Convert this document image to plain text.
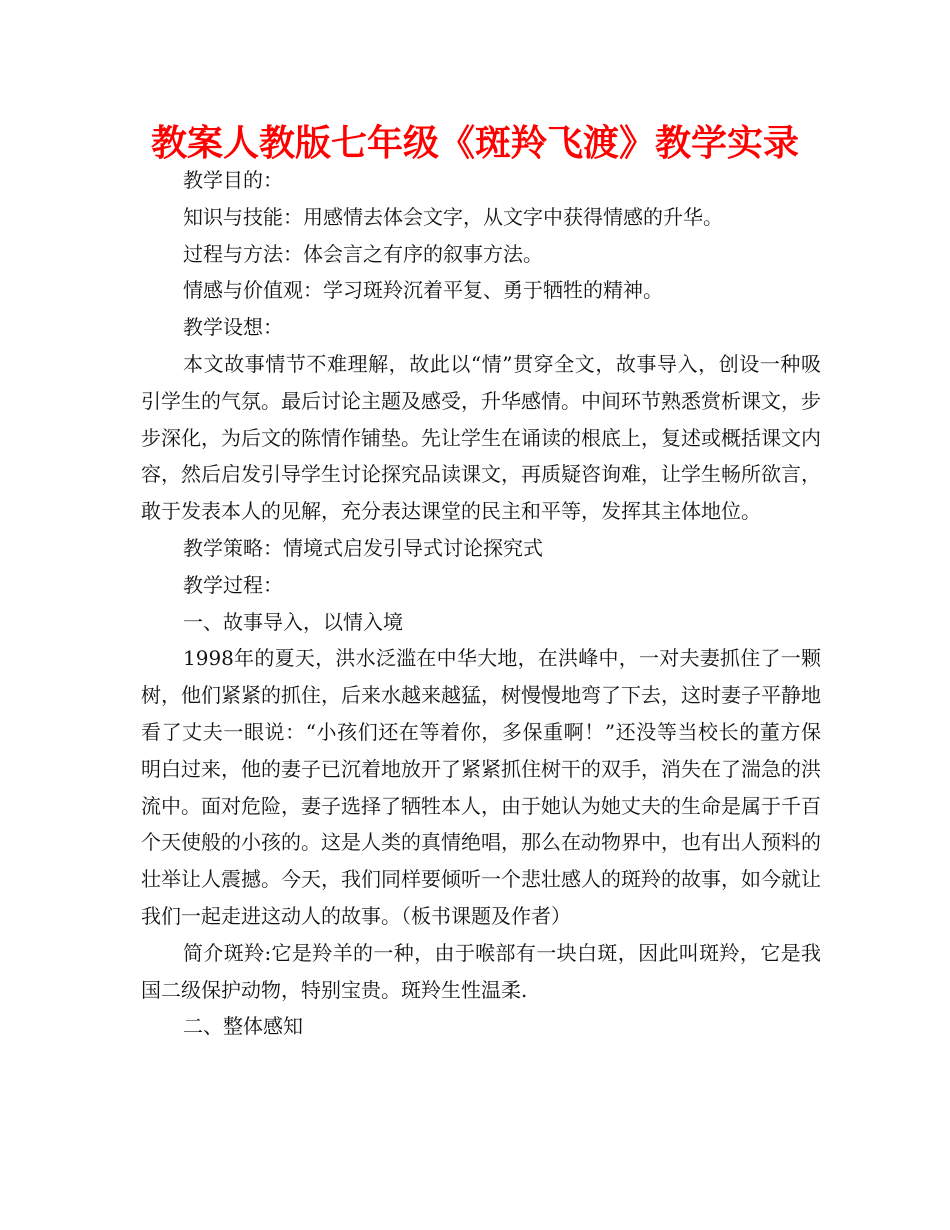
教案人教版七年级《斑羚飞渡》教学实录

教学目的：

知识与技能：用感情去体会文字，从文字中获得情感的升华。

过程与方法：体会言之有序的叙事方法。

情感与价值观：学习斑羚沉着平复、勇于牺牲的精神。

教学设想：

本文故事情节不难理解，故此以“情”贯穿全文，故事导入，创设一种吸引学生的气氛。最后讨论主题及感受，升华感情。中间环节熟悉赏析课文，步步深化，为后文的陈情作铺垫。先让学生在诵读的根底上，复述或概括课文内容，然后启发引导学生讨论探究品读课文，再质疑咨询难，让学生畅所欲言，敢于发表本人的见解，充分表达课堂的民主和平等，发挥其主体地位。

教学策略：情境式启发引导式讨论探究式

教学过程：

一、故事导入，以情入境

1998年的夏天，洪水泛滥在中华大地，在洪峰中，一对夫妻抓住了一颗树，他们紧紧的抓住，后来水越来越猛，树慢慢地弯了下去，这时妻子平静地看了丈夫一眼说：“小孩们还在等着你，多保重啊！”还没等当校长的董方保明白过来，他的妻子已沉着地放开了紧紧抓住树干的双手，消失在了湍急的洪流中。面对危险，妻子选择了牺牲本人，由于她认为她丈夫的生命是属于千百个天使般的小孩的。这是人类的真情绝唱，那么在动物界中，也有出人预料的壮举让人震撼。今天，我们同样要倾听一个悲壮感人的斑羚的故事，如今就让我们一起走进这动人的故事。（板书课题及作者）

简介斑羚:它是羚羊的一种，由于喉部有一块白斑，因此叫斑羚，它是我国二级保护动物，特别宝贵。斑羚生性温柔.

二、整体感知
